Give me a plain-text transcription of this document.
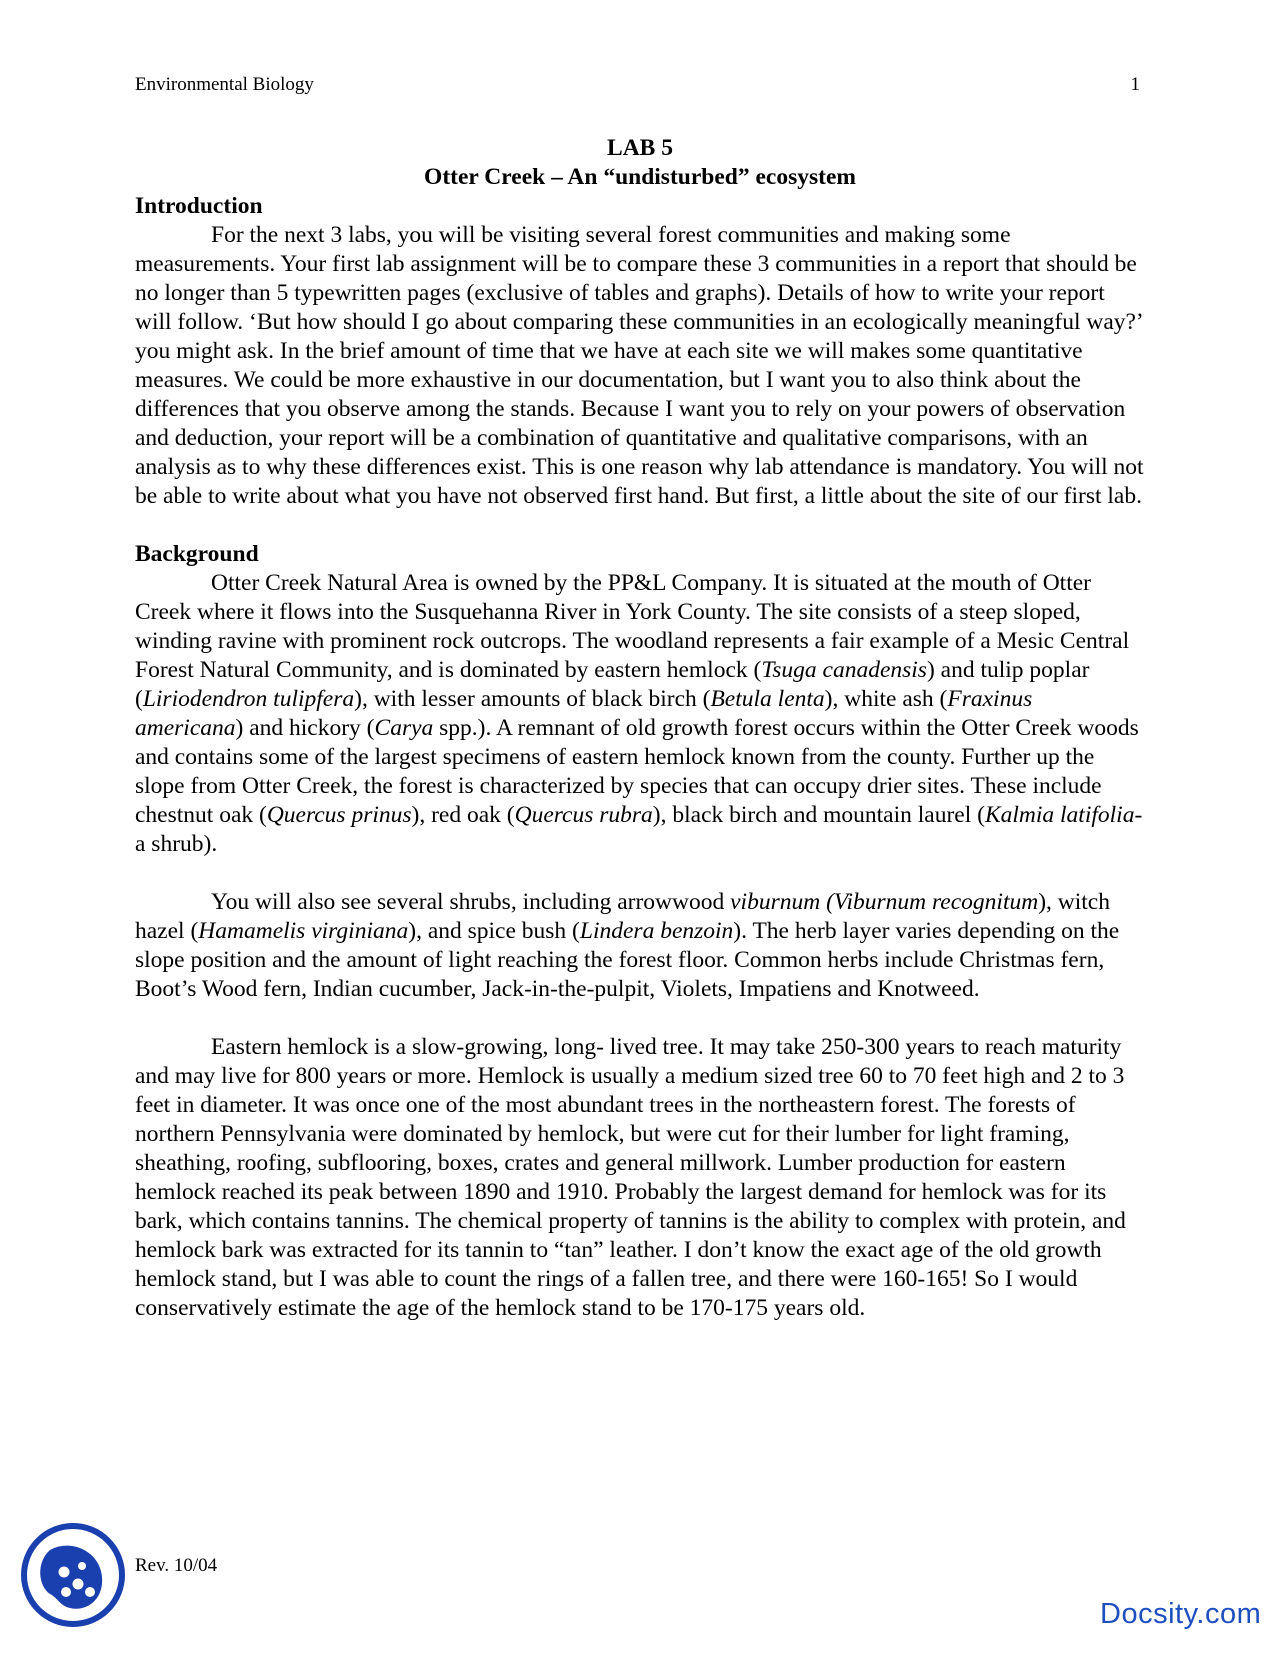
Environmental Biology	1

LAB 5

Otter Creek – An “undisturbed” ecosystem

Introduction

For the next 3 labs, you will be visiting several forest communities and making some measurements. Your first lab assignment will be to compare these 3 communities in a report that should be no longer than 5 typewritten pages (exclusive of tables and graphs). Details of how to write your report will follow. ‘But how should I go about comparing these communities in an ecologically meaningful way?’ you might ask. In the brief amount of time that we have at each site we will makes some quantitative measures. We could be more exhaustive in our documentation, but I want you to also think about the differences that you observe among the stands. Because I want you to rely on your powers of observation and deduction, your report will be a combination of quantitative and qualitative comparisons, with an analysis as to why these differences exist. This is one reason why lab attendance is mandatory. You will not be able to write about what you have not observed first hand. But first, a little about the site of our first lab.

Background

Otter Creek Natural Area is owned by the PP&L Company. It is situated at the mouth of Otter Creek where it flows into the Susquehanna River in York County. The site consists of a steep sloped, winding ravine with prominent rock outcrops. The woodland represents a fair example of a Mesic Central Forest Natural Community, and is dominated by eastern hemlock (Tsuga canadensis) and tulip poplar (Liriodendron tulipfera), with lesser amounts of black birch (Betula lenta), white ash (Fraxinus americana) and hickory (Carya spp.). A remnant of old growth forest occurs within the Otter Creek woods and contains some of the largest specimens of eastern hemlock known from the county. Further up the slope from Otter Creek, the forest is characterized by species that can occupy drier sites. These include chestnut oak (Quercus prinus), red oak (Quercus rubra), black birch and mountain laurel (Kalmia latifolia- a shrub).

You will also see several shrubs, including arrowwood viburnum (Viburnum recognitum), witch hazel (Hamamelis virginiana), and spice bush (Lindera benzoin). The herb layer varies depending on the slope position and the amount of light reaching the forest floor. Common herbs include Christmas fern, Boot’s Wood fern, Indian cucumber, Jack-in-the-pulpit, Violets, Impatiens and Knotweed.

Eastern hemlock is a slow-growing, long- lived tree. It may take 250-300 years to reach maturity and may live for 800 years or more. Hemlock is usually a medium sized tree 60 to 70 feet high and 2 to 3 feet in diameter. It was once one of the most abundant trees in the northeastern forest. The forests of northern Pennsylvania were dominated by hemlock, but were cut for their lumber for light framing, sheathing, roofing, subflooring, boxes, crates and general millwork. Lumber production for eastern hemlock reached its peak between 1890 and 1910. Probably the largest demand for hemlock was for its bark, which contains tannins. The chemical property of tannins is the ability to complex with protein, and hemlock bark was extracted for its tannin to “tan” leather. I don’t know the exact age of the old growth hemlock stand, but I was able to count the rings of a fallen tree, and there were 160-165! So I would conservatively estimate the age of the hemlock stand to be 170-175 years old.

Rev. 10/04
Docsity.com
